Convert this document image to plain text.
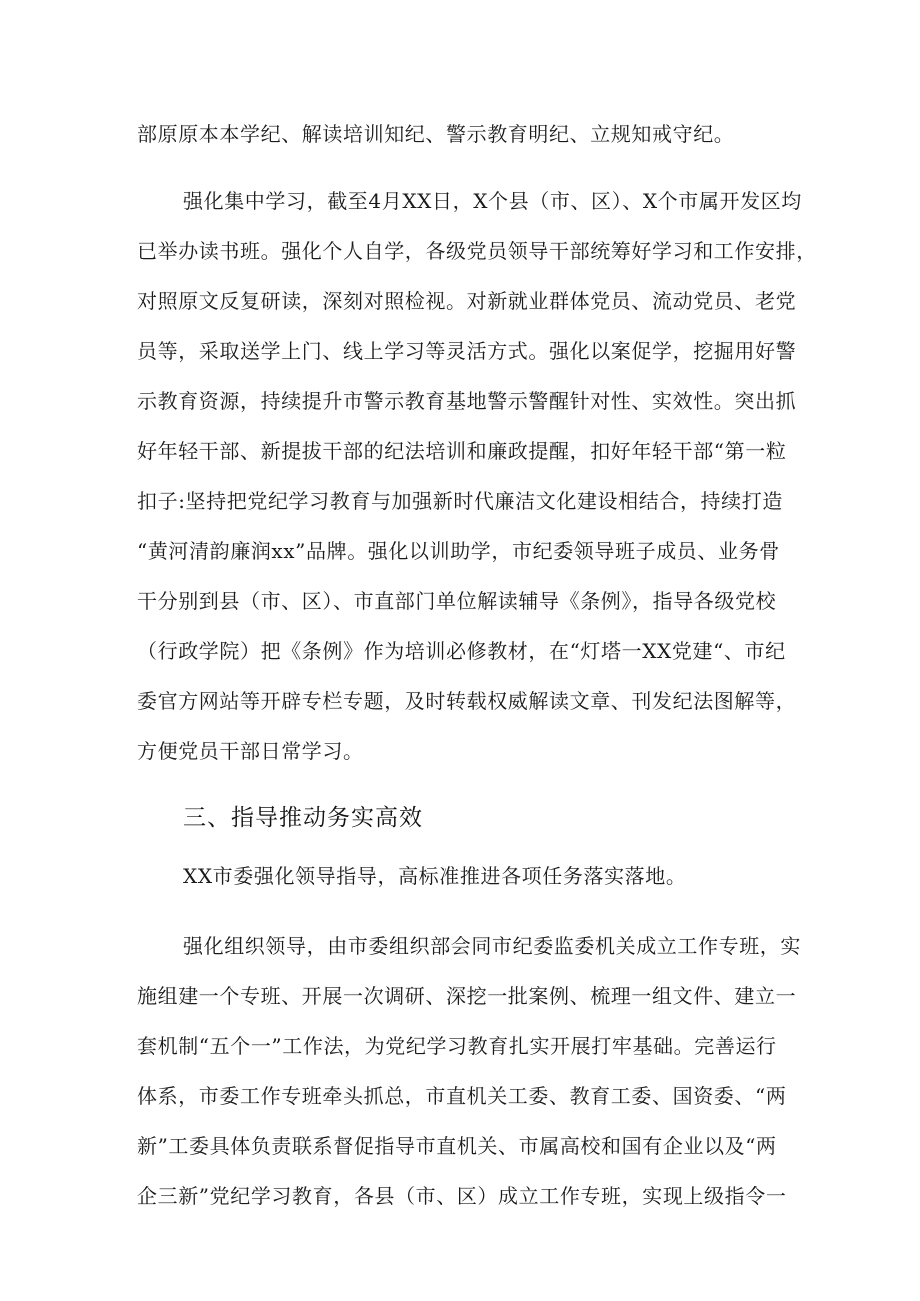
部原原本本学纪、解读培训知纪、警示教育明纪、立规知戒守纪。
强化集中学习，截至4月XX日，X个县（市、区）、X个市属开发区均
已举办读书班。强化个人自学，各级党员领导干部统筹好学习和工作安排，
对照原文反复研读，深刻对照检视。对新就业群体党员、流动党员、老党
员等，采取送学上门、线上学习等灵活方式。强化以案促学，挖掘用好警
示教育资源，持续提升市警示教育基地警示警醒针对性、实效性。突出抓
好年轻干部、新提拔干部的纪法培训和廉政提醒，扣好年轻干部“第一粒
扣子:坚持把党纪学习教育与加强新时代廉洁文化建设相结合，持续打造
“黄河清韵廉润xx”品牌。强化以训助学，市纪委领导班子成员、业务骨
干分别到县（市、区）、市直部门单位解读辅导《条例》，指导各级党校
（行政学院）把《条例》作为培训必修教材，在“灯塔一XX党建“、市纪
委官方网站等开辟专栏专题，及时转载权威解读文章、刊发纪法图解等，
方便党员干部日常学习。
三、指导推动务实高效
XX市委强化领导指导，高标准推进各项任务落实落地。
强化组织领导，由市委组织部会同市纪委监委机关成立工作专班，实
施组建一个专班、开展一次调研、深挖一批案例、梳理一组文件、建立一
套机制“五个一”工作法，为党纪学习教育扎实开展打牢基础。完善运行
体系，市委工作专班牵头抓总，市直机关工委、教育工委、国资委、“两
新”工委具体负责联系督促指导市直机关、市属高校和国有企业以及“两
企三新”党纪学习教育，各县（市、区）成立工作专班，实现上级指令一
